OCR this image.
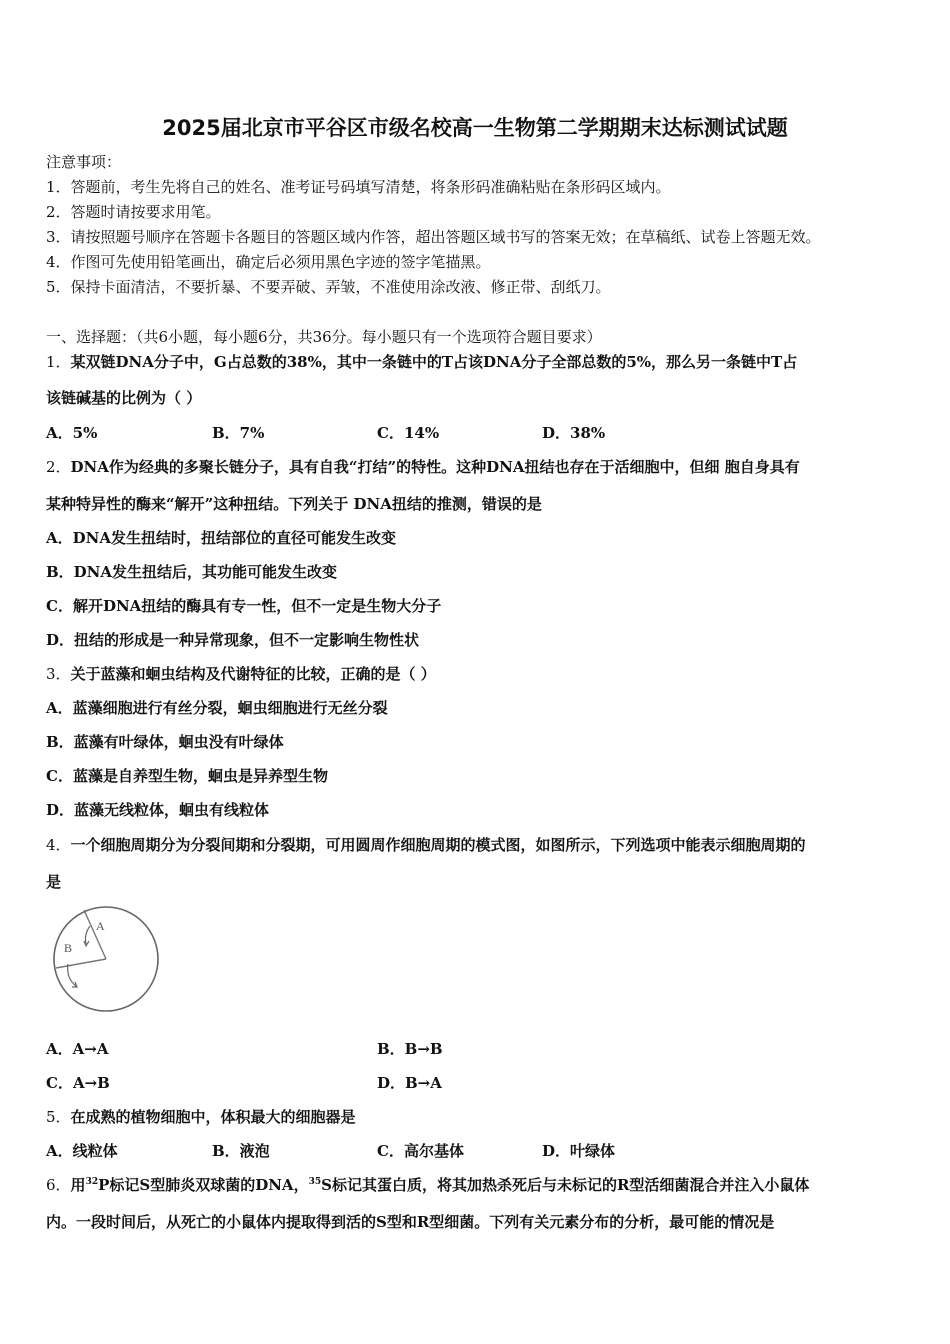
2025届北京市平谷区市级名校高一生物第二学期期末达标测试试题
注意事项：
1．答题前，考生先将自己的姓名、准考证号码填写清楚，将条形码准确粘贴在条形码区域内。
2．答题时请按要求用笔。
3．请按照题号顺序在答题卡各题目的答题区域内作答，超出答题区域书写的答案无效；在草稿纸、试卷上答题无效。
4．作图可先使用铅笔画出，确定后必须用黑色字迹的签字笔描黑。
5．保持卡面清洁，不要折暴、不要弄破、弄皱，不准使用涂改液、修正带、刮纸刀。
一、选择题：（共6小题，每小题6分，共36分。每小题只有一个选项符合题目要求）
1．某双链DNA分子中，G占总数的38%，其中一条链中的T占该DNA分子全部总数的5%，那么另一条链中T占
该链碱基的比例为（ ）
A．5%	B．7%	C．14%	D．38%
2．DNA作为经典的多聚长链分子，具有自我“打结”的特性。这种DNA扭结也存在于活细胞中，但细 胞自身具有
某种特异性的酶来“解开”这种扭结。下列关于 DNA扭结的推测，错误的是
A．DNA发生扭结时，扭结部位的直径可能发生改变
B．DNA发生扭结后，其功能可能发生改变
C．解开DNA扭结的酶具有专一性，但不一定是生物大分子
D．扭结的形成是一种异常现象，但不一定影响生物性状
3．关于蓝藻和蛔虫结构及代谢特征的比较，正确的是（ ）
A．蓝藻细胞进行有丝分裂，蛔虫细胞进行无丝分裂
B．蓝藻有叶绿体，蛔虫没有叶绿体
C．蓝藻是自养型生物，蛔虫是异养型生物
D．蓝藻无线粒体，蛔虫有线粒体
4．一个细胞周期分为分裂间期和分裂期，可用圆周作细胞周期的模式图，如图所示，下列选项中能表示细胞周期的
是
A
B
A．A→A	B．B→B
C．A→B	D．B→A
5．在成熟的植物细胞中，体积最大的细胞器是
A．线粒体	B．液泡	C．高尔基体	D．叶绿体
6．用$^{32}$P标记S型肺炎双球菌的DNA，$^{35}$S标记其蛋白质，将其加热杀死后与未标记的R型活细菌混合并注入小鼠体
内。一段时间后，从死亡的小鼠体内提取得到活的S型和R型细菌。下列有关元素分布的分析，最可能的情况是
